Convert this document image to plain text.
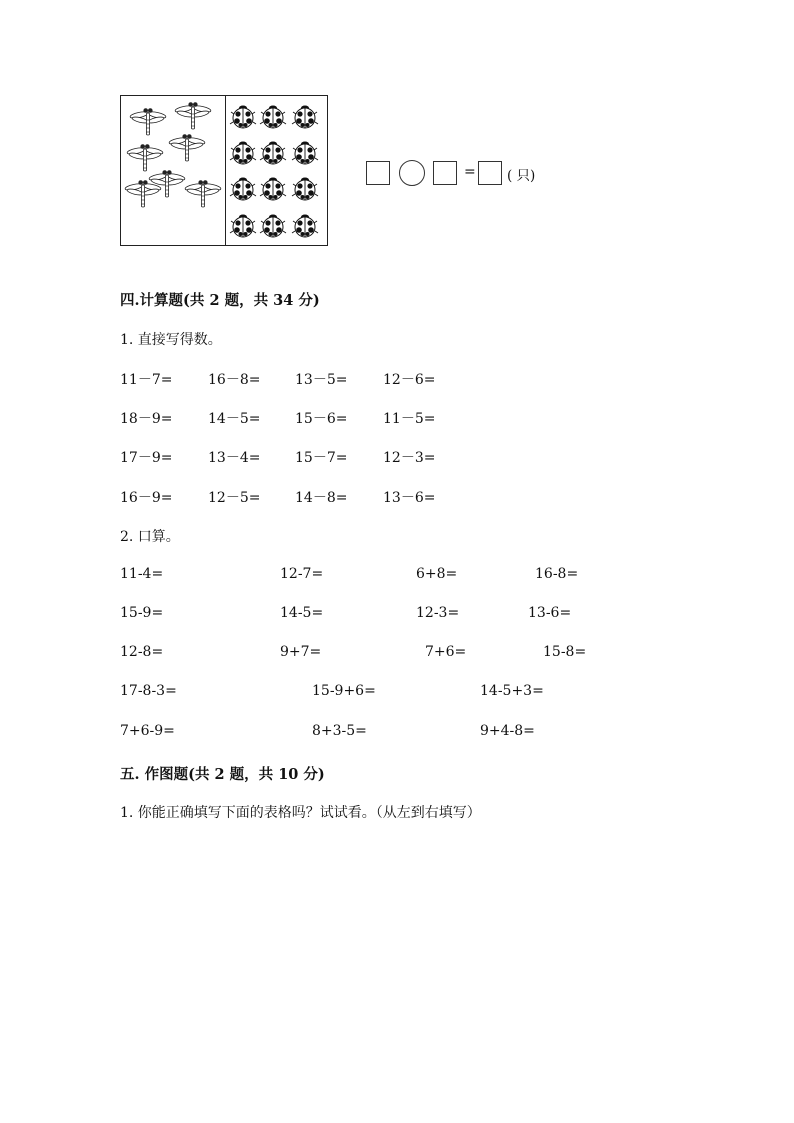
= ( 只)
四.计算题(共 2 题，共 34 分)
1. 直接写得数。
11－7=	16－8= 13－5=	12－6=
18－9=	14－5= 15－6=	11－5=
17－9=	13－4= 15－7=	12－3=
16－9=	12－5= 14－8=	13－6=
2. 口算。
11-4=	12-7=	6+8=	16-8=
15-9=	14-5=	12-3=	13-6=
12-8=	9+7=	7+6=	15-8=
17-8-3=	15-9+6=	14-5+3=
7+6-9=	8+3-5=	9+4-8=
五. 作图题(共 2 题，共 10 分)
1. 你能正确填写下面的表格吗？试试看。（从左到右填写）
